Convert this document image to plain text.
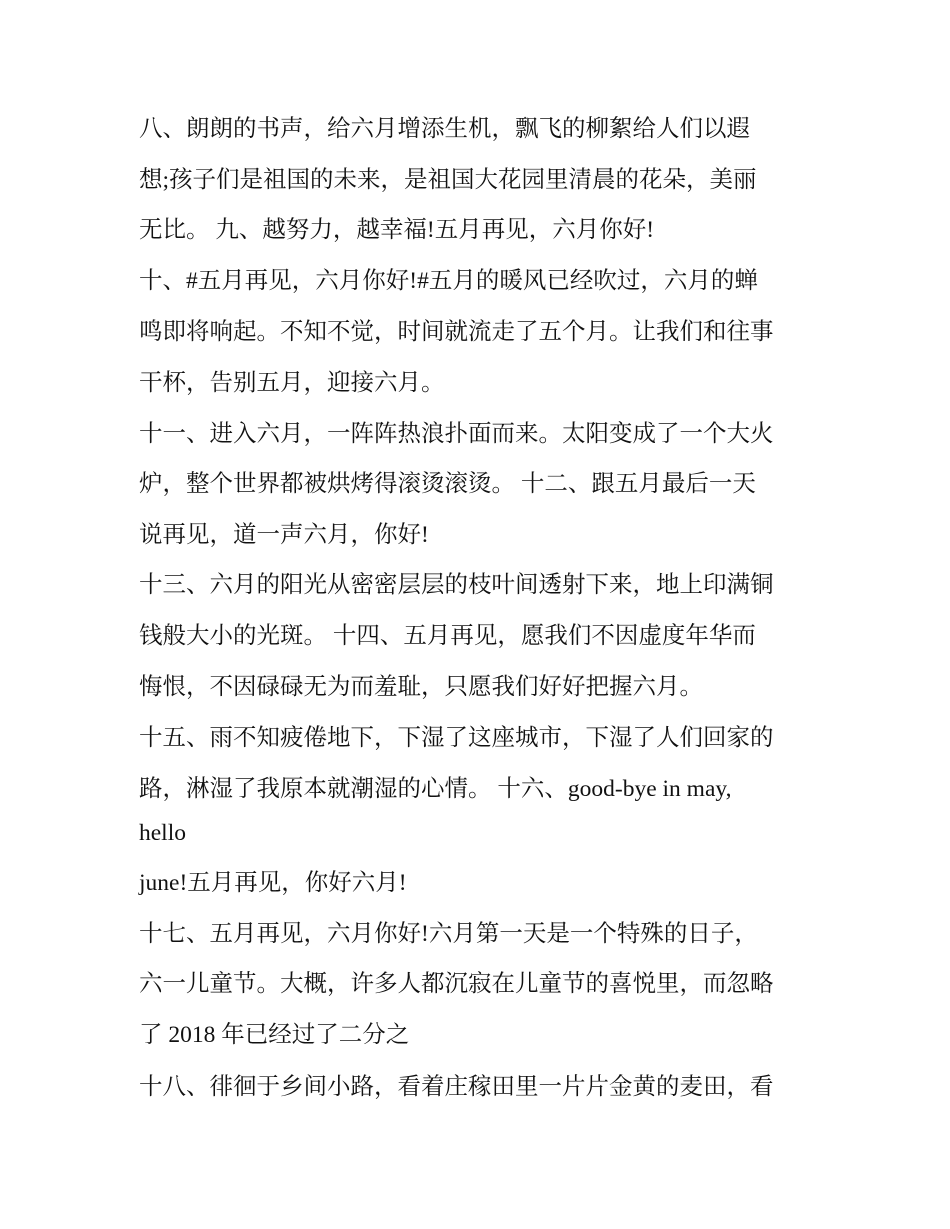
八、朗朗的书声，给六月增添生机，飘飞的柳絮给人们以遐
想;孩子们是祖国的未来，是祖国大花园里清晨的花朵，美丽
无比。 九、越努力，越幸福!五月再见，六月你好!
十、#五月再见，六月你好!#五月的暖风已经吹过，六月的蝉
鸣即将响起。不知不觉，时间就流走了五个月。让我们和往事
干杯，告别五月，迎接六月。
十一、进入六月，一阵阵热浪扑面而来。太阳变成了一个大火
炉，整个世界都被烘烤得滚烫滚烫。 十二、跟五月最后一天
说再见，道一声六月，你好!
十三、六月的阳光从密密层层的枝叶间透射下来，地上印满铜
钱般大小的光斑。 十四、五月再见，愿我们不因虚度年华而
悔恨，不因碌碌无为而羞耻，只愿我们好好把握六月。
十五、雨不知疲倦地下，下湿了这座城市，下湿了人们回家的
路，淋湿了我原本就潮湿的心情。 十六、good-bye in may,
hello
june!五月再见，你好六月!
十七、五月再见，六月你好!六月第一天是一个特殊的日子，
六一儿童节。大概，许多人都沉寂在儿童节的喜悦里，而忽略
了 2018 年已经过了二分之
十八、徘徊于乡间小路，看着庄稼田里一片片金黄的麦田，看
